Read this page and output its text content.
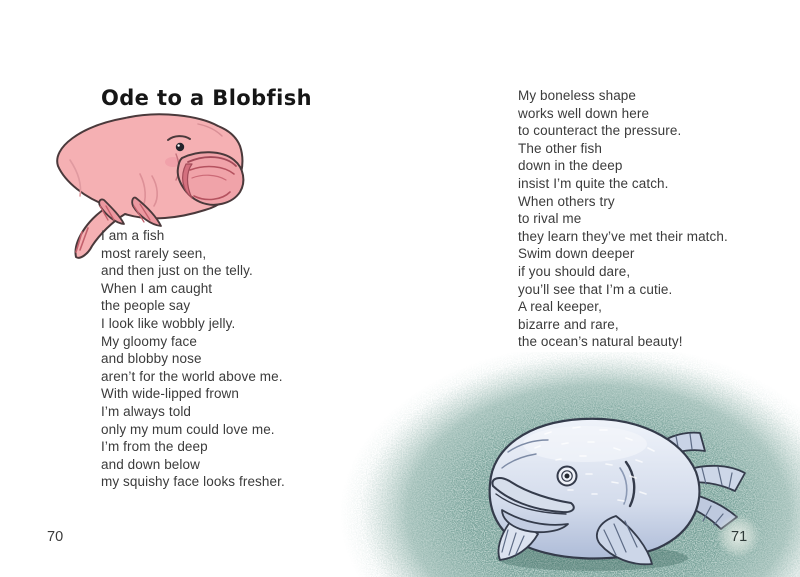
Ode to a Blobfish
I am a fish
most rarely seen,
and then just on the telly.
When I am caught
the people say
I look like wobbly jelly.
My gloomy face
and blobby nose
aren’t for the world above me.
With wide-lipped frown
I’m always told
only my mum could love me.
I’m from the deep
and down below
my squishy face looks fresher.
70
My boneless shape
works well down here
to counteract the pressure.
The other fish
down in the deep
insist I’m quite the catch.
When others try
to rival me
they learn they’ve met their match.
Swim down deeper
if you should dare,
you’ll see that I’m a cutie.
A real keeper,
bizarre and rare,
the ocean’s natural beauty!
71
